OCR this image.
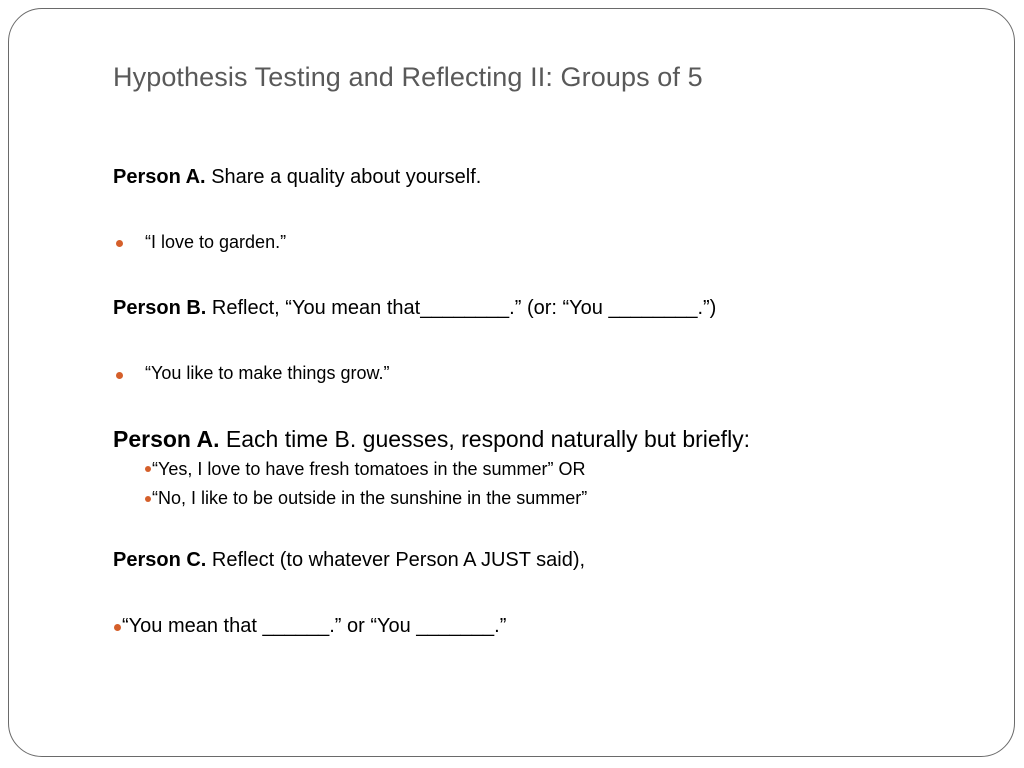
Hypothesis Testing and Reflecting II: Groups of 5
Person A. Share a quality about yourself.
“I love to garden.”
Person B. Reflect, “You mean that________.” (or: “You ________.”)
“You like to make things grow.”
Person A. Each time B. guesses, respond naturally but briefly:
“Yes, I love to have fresh tomatoes in the summer” OR
“No, I like to be outside in the sunshine in the summer”
Person C. Reflect (to whatever Person A JUST said),
“You mean that ______.” or “You _______.”
